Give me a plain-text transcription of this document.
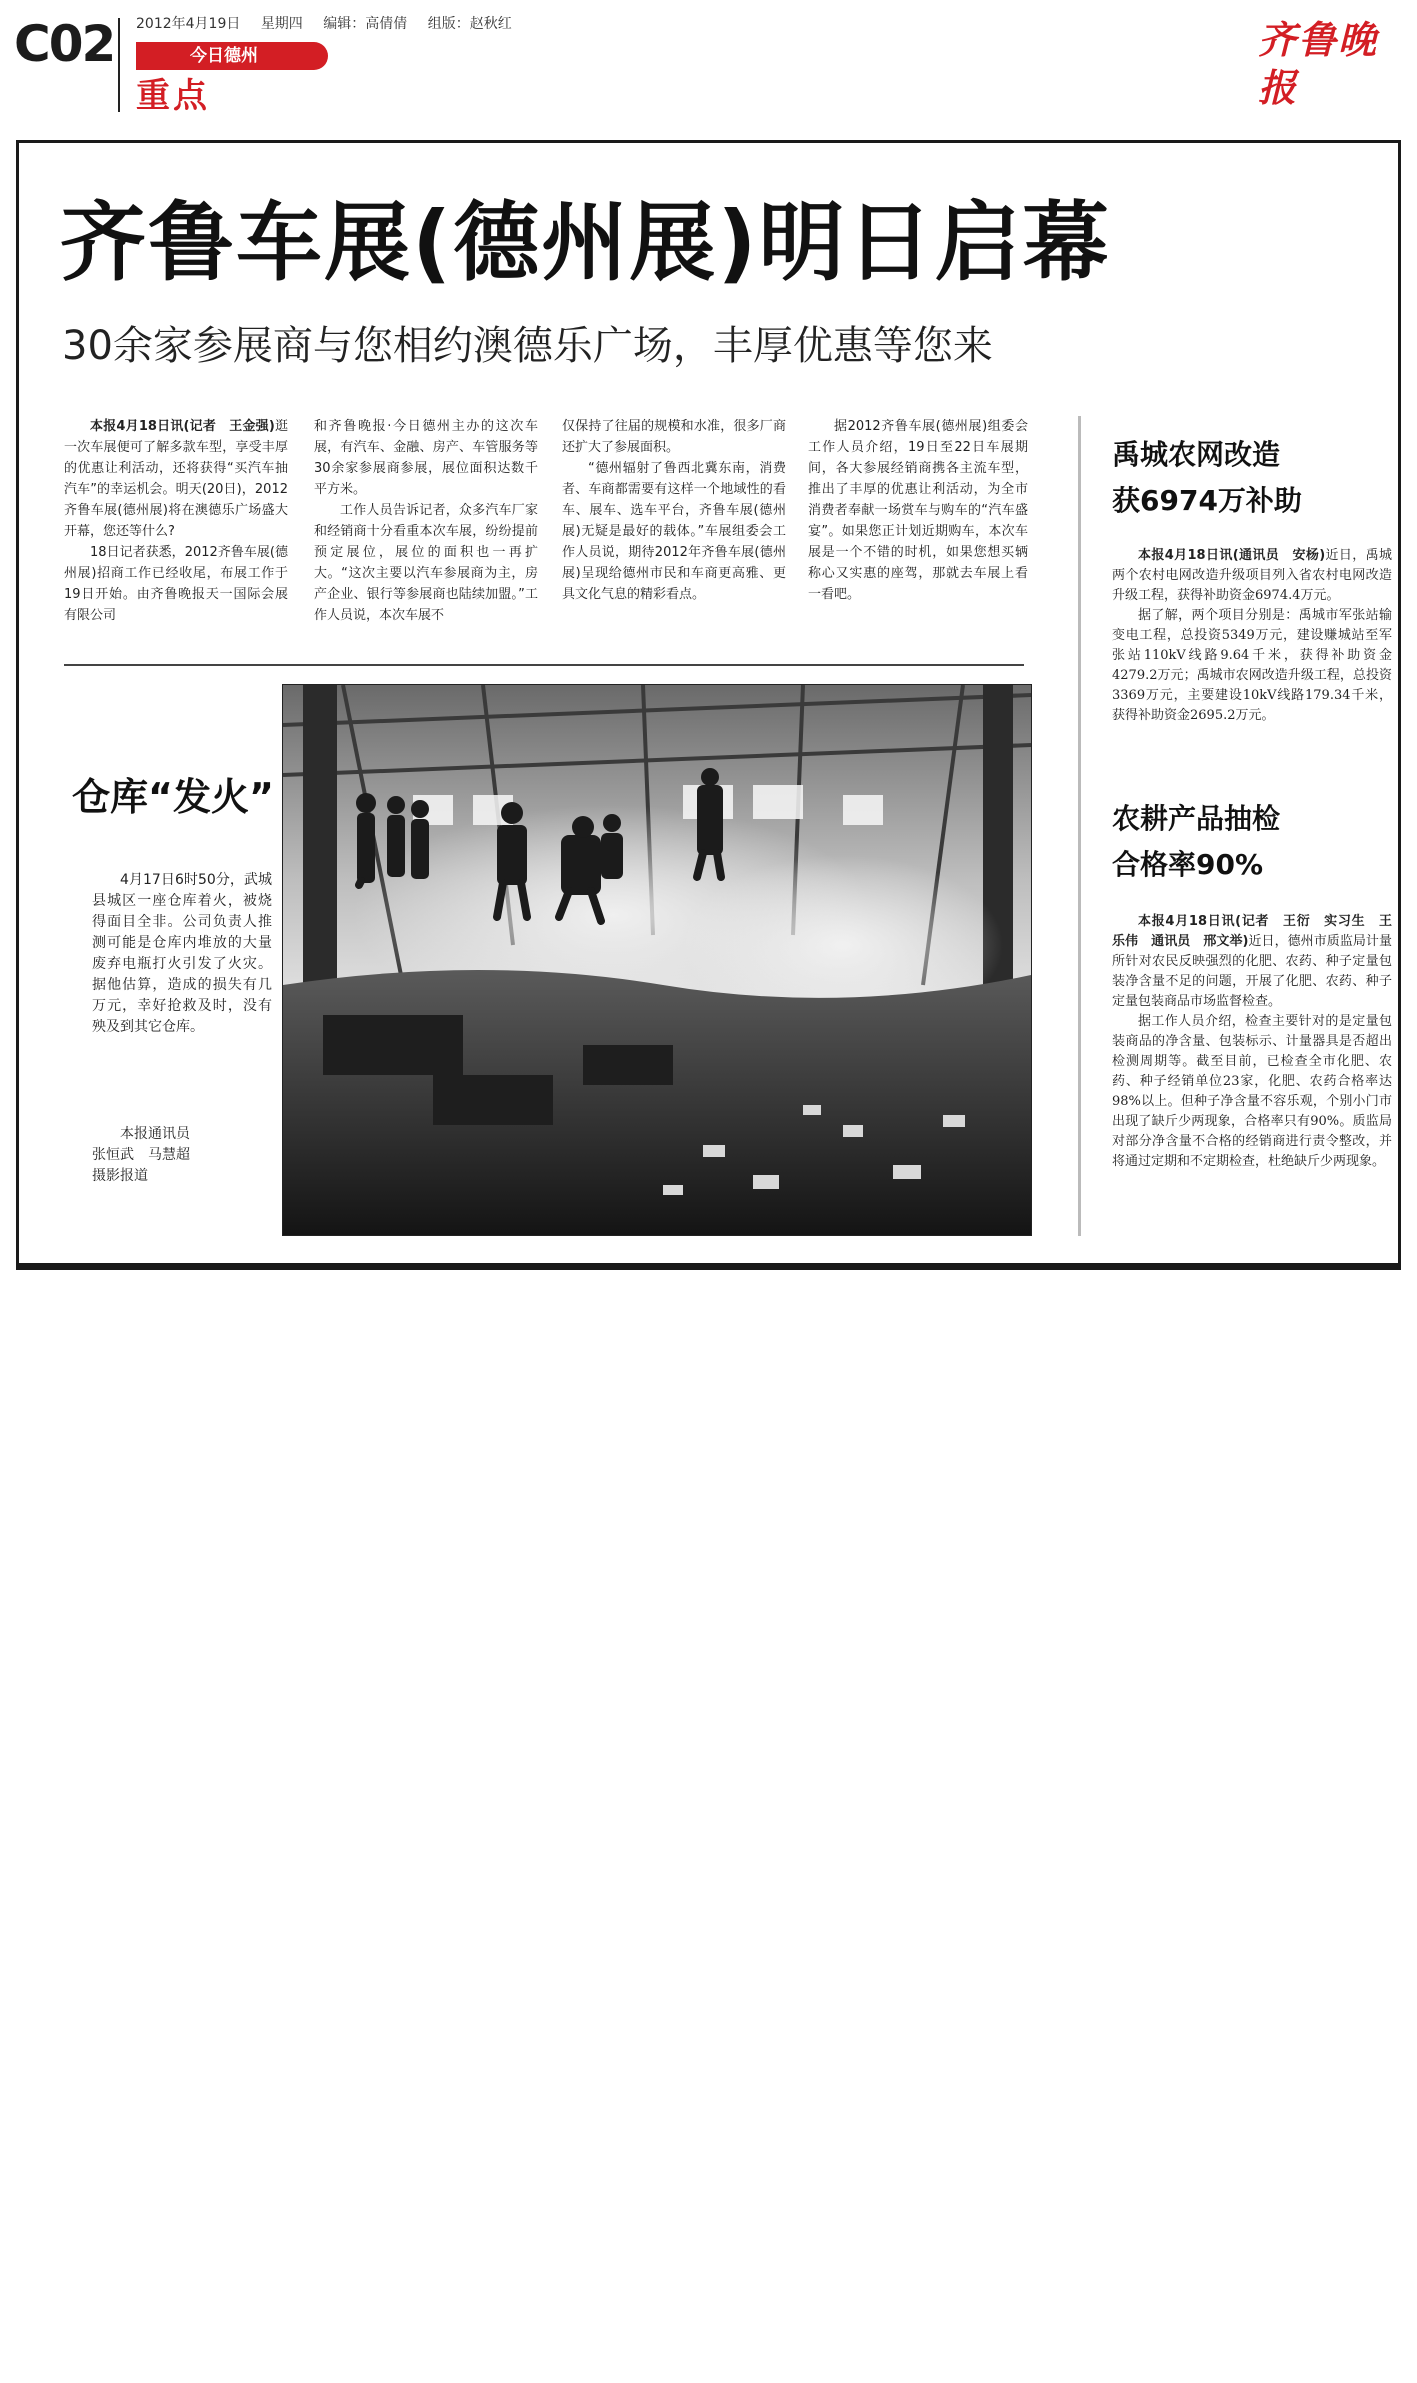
C02 2012年4月19日 星期四 编辑：高倩倩 组版：赵秋红
今日德州
重点
齐鲁晚报
齐鲁车展(德州展)明日启幕
30余家参展商与您相约澳德乐广场，丰厚优惠等您来

本报4月18日讯(记者　王金强)逛一次车展便可了解多款车型，享受丰厚的优惠让利活动，还将获得“买汽车抽汽车”的幸运机会。明天(20日)，2012齐鲁车展(德州展)将在澳德乐广场盛大开幕，您还等什么?

18日记者获悉，2012齐鲁车展(德州展)招商工作已经收尾，布展工作于19日开始。由齐鲁晚报天一国际会展有限公司

和齐鲁晚报·今日德州主办的这次车展，有汽车、金融、房产、车管服务等30余家参展商参展，展位面积达数千平方米。

工作人员告诉记者，众多汽车厂家和经销商十分看重本次车展，纷纷提前预定展位，展位的面积也一再扩大。“这次主要以汽车参展商为主，房产企业、银行等参展商也陆续加盟。”工作人员说，本次车展不

仅保持了往届的规模和水准，很多厂商还扩大了参展面积。

“德州辐射了鲁西北冀东南，消费者、车商都需要有这样一个地域性的看车、展车、选车平台，齐鲁车展(德州展)无疑是最好的载体。”车展组委会工作人员说，期待2012年齐鲁车展(德州展)呈现给德州市民和车商更高雅、更具文化气息的精彩看点。

据2012齐鲁车展(德州展)组委会工作人员介绍，19日至22日车展期间，各大参展经销商携各主流车型，推出了丰厚的优惠让利活动，为全市消费者奉献一场赏车与购车的“汽车盛宴”。如果您正计划近期购车，本次车展是一个不错的时机，如果您想买辆称心又实惠的座驾，那就去车展上看一看吧。

仓库“发火”

4月17日6时50分，武城县城区一座仓库着火，被烧得面目全非。公司负责人推测可能是仓库内堆放的大量废弃电瓶打火引发了火灾。据他估算，造成的损失有几万元，幸好抢救及时，没有殃及到其它仓库。

本报通讯员
张恒武　马慧超
摄影报道
禹城农网改造
获6974万补助

本报4月18日讯(通讯员　安杨)近日，禹城两个农村电网改造升级项目列入省农村电网改造升级工程，获得补助资金6974.4万元。

据了解，两个项目分别是：禹城市军张站输变电工程，总投资5349万元，建设赚城站至军张站110kV线路9.64千米，获得补助资金4279.2万元；禹城市农网改造升级工程，总投资3369万元，主要建设10kV线路179.34千米，获得补助资金2695.2万元。

农耕产品抽检
合格率90%

本报4月18日讯(记者　王衍　实习生　王乐伟　通讯员　邢文举)近日，德州市质监局计量所针对农民反映强烈的化肥、农药、种子定量包装净含量不足的问题，开展了化肥、农药、种子定量包装商品市场监督检查。

据工作人员介绍，检查主要针对的是定量包装商品的净含量、包装标示、计量器具是否超出检测周期等。截至目前，已检查全市化肥、农药、种子经销单位23家，化肥、农药合格率达98%以上。但种子净含量不容乐观，个别小门市出现了缺斤少两现象，合格率只有90%。质监局对部分净含量不合格的经销商进行责令整改，并将通过定期和不定期检查，杜绝缺斤少两现象。
